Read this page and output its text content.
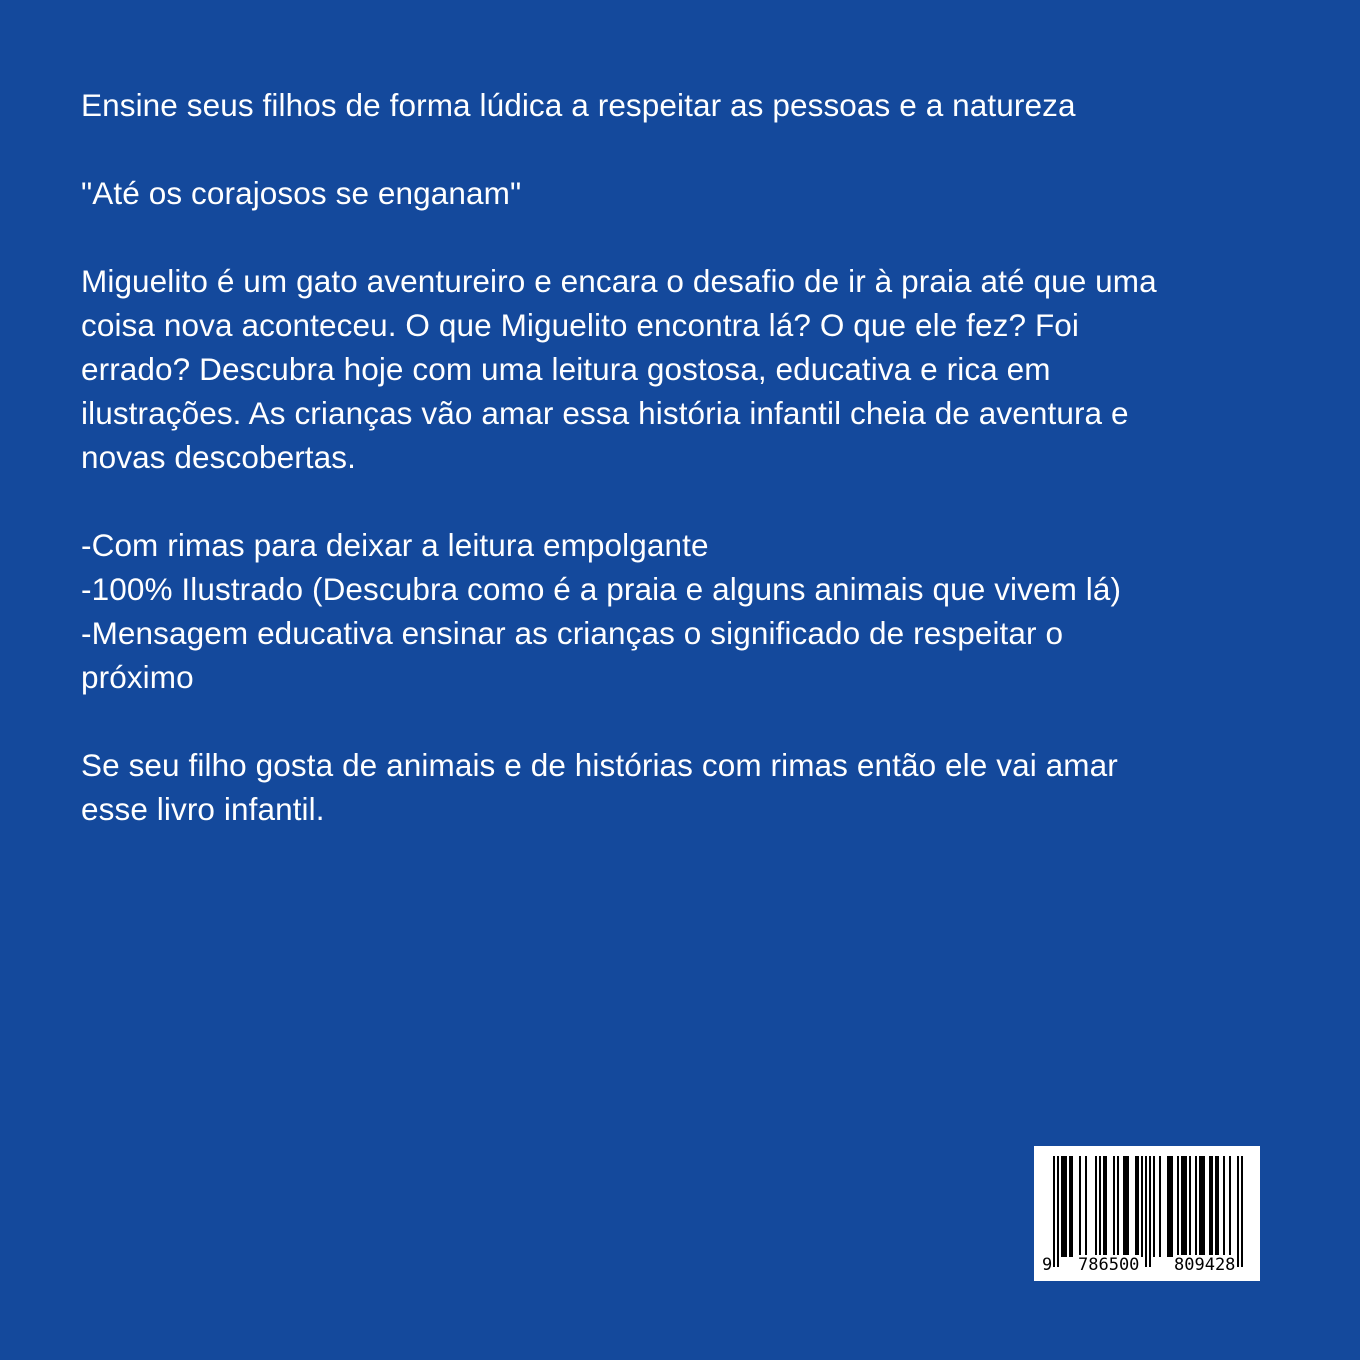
Ensine seus filhos de forma lúdica a respeitar as pessoas e a natureza

"Até os corajosos se enganam"

Miguelito é um gato aventureiro e encara o desafio de ir à praia até que uma

coisa nova aconteceu. O que Miguelito encontra lá? O que ele fez? Foi

errado? Descubra hoje com uma leitura gostosa, educativa e rica em

ilustrações. As crianças vão amar essa história infantil cheia de aventura e

novas descobertas.

-Com rimas para deixar a leitura empolgante

-100% Ilustrado (Descubra como é a praia e alguns animais que vivem lá)

-Mensagem educativa ensinar as crianças o significado de respeitar o

próximo

Se seu filho gosta de animais e de histórias com rimas então ele vai amar

esse livro infantil.

9 786500 809428
